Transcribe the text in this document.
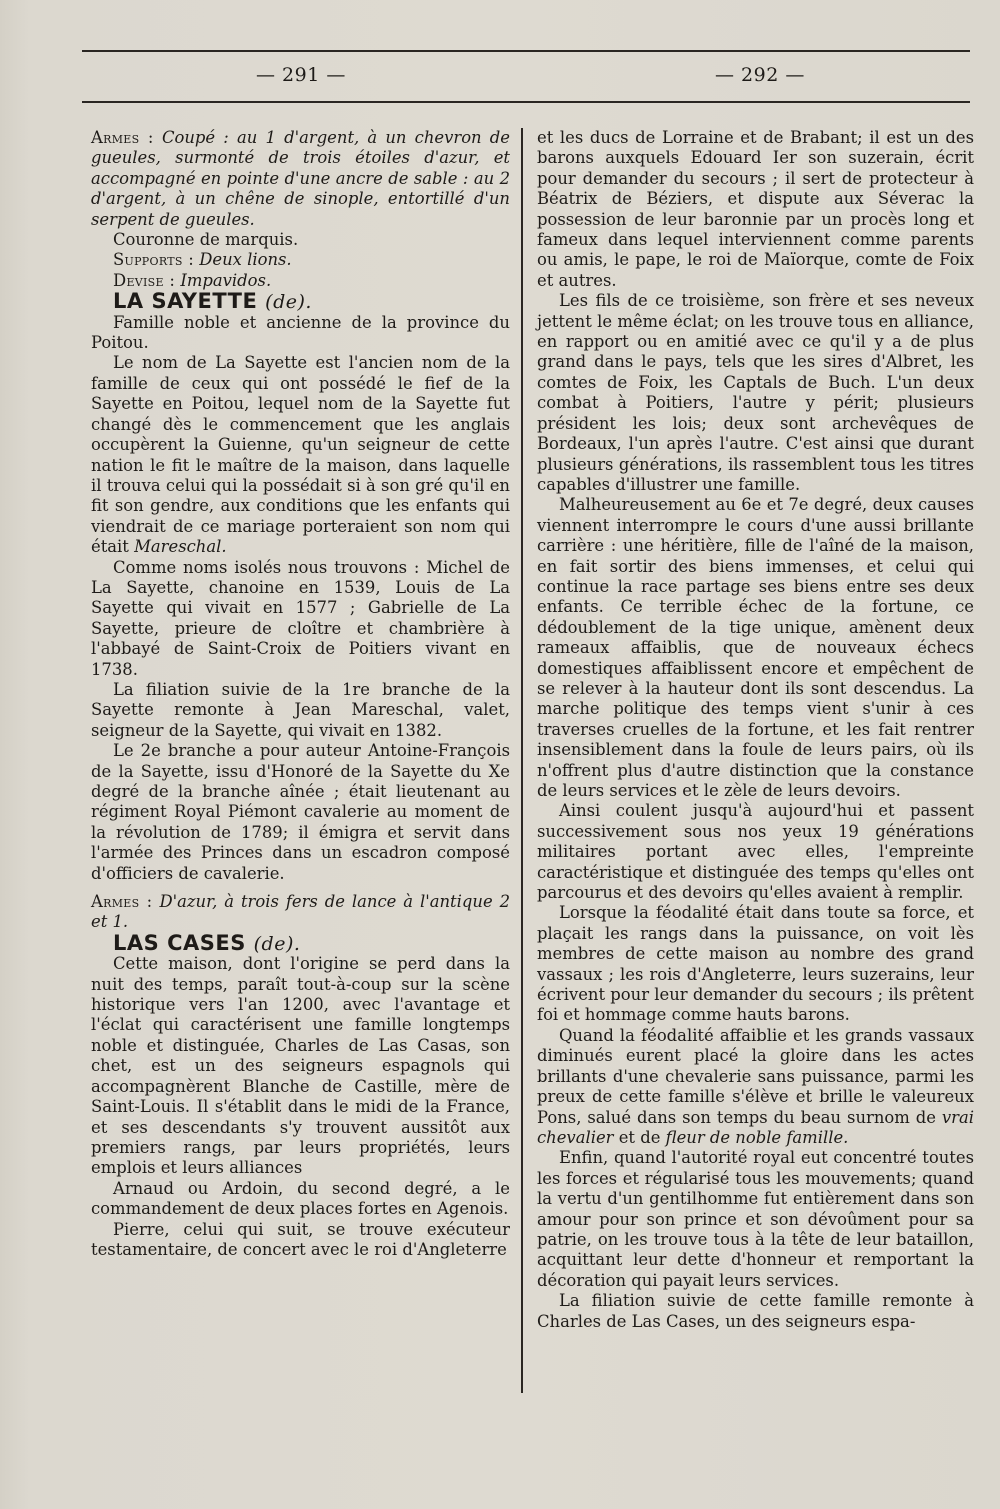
— 291 —	— 292 —

Armes : Coupé : au 1 d'argent, à un chevron de gueules, surmonté de trois étoiles d'azur, et accompagné en pointe d'une ancre de sable : au 2 d'argent, à un chêne de sinople, entortillé d'un serpent de gueules.

Couronne de marquis.

Supports : Deux lions.

Devise : Impavidos.

LA SAYETTE (de).

Famille noble et ancienne de la province du Poitou.

Le nom de La Sayette est l'ancien nom de la famille de ceux qui ont possédé le fief de la Sayette en Poitou, lequel nom de la Sayette fut changé dès le commencement que les anglais occupèrent la Guienne, qu'un seigneur de cette nation le fit le maître de la maison, dans laquelle il trouva celui qui la possédait si à son gré qu'il en fit son gendre, aux conditions que les enfants qui viendrait de ce mariage porteraient son nom qui était Mareschal.

Comme noms isolés nous trouvons : Michel de La Sayette, chanoine en 1539, Louis de La Sayette qui vivait en 1577 ; Gabrielle de La Sayette, prieure de cloître et chambrière à l'abbayé de Saint-Croix de Poitiers vivant en 1738.

La filiation suivie de la 1re branche de la Sayette remonte à Jean Mareschal, valet, seigneur de la Sayette, qui vivait en 1382.

Le 2e branche a pour auteur Antoine-François de la Sayette, issu d'Honoré de la Sayette du Xe degré de la branche aînée ; était lieutenant au régiment Royal Piémont cavalerie au moment de la révolution de 1789; il émigra et servit dans l'armée des Princes dans un escadron composé d'officiers de cavalerie.

Armes : D'azur, à trois fers de lance à l'antique 2 et 1.

LAS CASES (de).

Cette maison, dont l'origine se perd dans la nuit des temps, paraît tout-à-coup sur la scène historique vers l'an 1200, avec l'avantage et l'éclat qui caractérisent une famille longtemps noble et distinguée, Charles de Las Casas, son chet, est un des seigneurs espagnols qui accompagnèrent Blanche de Castille, mère de Saint-Louis. Il s'établit dans le midi de la France, et ses descendants s'y trouvent aussitôt aux premiers rangs, par leurs propriétés, leurs emplois et leurs alliances

Arnaud ou Ardoin, du second degré, a le commandement de deux places fortes en Agenois.

Pierre, celui qui suit, se trouve exécuteur testamentaire, de concert avec le roi d'Angleterre

et les ducs de Lorraine et de Brabant; il est un des barons auxquels Edouard Ier son suzerain, écrit pour demander du secours ; il sert de protecteur à Béatrix de Béziers, et dispute aux Séverac la possession de leur baronnie par un procès long et fameux dans lequel interviennent comme parents ou amis, le pape, le roi de Maïorque, comte de Foix et autres.

Les fils de ce troisième, son frère et ses neveux jettent le même éclat; on les trouve tous en alliance, en rapport ou en amitié avec ce qu'il y a de plus grand dans le pays, tels que les sires d'Albret, les comtes de Foix, les Captals de Buch. L'un deux combat à Poitiers, l'autre y périt; plusieurs président les lois; deux sont archevêques de Bordeaux, l'un après l'autre. C'est ainsi que durant plusieurs générations, ils rassemblent tous les titres capables d'illustrer une famille.

Malheureusement au 6e et 7e degré, deux causes viennent interrompre le cours d'une aussi brillante carrière : une héritière, fille de l'aîné de la maison, en fait sortir des biens immenses, et celui qui continue la race partage ses biens entre ses deux enfants. Ce terrible échec de la fortune, ce dédoublement de la tige unique, amènent deux rameaux affaiblis, que de nouveaux échecs domestiques affaiblissent encore et empêchent de se relever à la hauteur dont ils sont descendus. La marche politique des temps vient s'unir à ces traverses cruelles de la fortune, et les fait rentrer insensiblement dans la foule de leurs pairs, où ils n'offrent plus d'autre distinction que la constance de leurs services et le zèle de leurs devoirs.

Ainsi coulent jusqu'à aujourd'hui et passent successivement sous nos yeux 19 générations militaires portant avec elles, l'empreinte caractéristique et distinguée des temps qu'elles ont parcourus et des devoirs qu'elles avaient à remplir.

Lorsque la féodalité était dans toute sa force, et plaçait les rangs dans la puissance, on voit lès membres de cette maison au nombre des grand vassaux ; les rois d'Angleterre, leurs suzerains, leur écrivent pour leur demander du secours ; ils prêtent foi et hommage comme hauts barons.

Quand la féodalité affaiblie et les grands vassaux diminués eurent placé la gloire dans les actes brillants d'une chevalerie sans puissance, parmi les preux de cette famille s'élève et brille le valeureux Pons, salué dans son temps du beau surnom de vrai chevalier et de fleur de noble famille.

Enfin, quand l'autorité royal eut concentré toutes les forces et régularisé tous les mouvements; quand la vertu d'un gentilhomme fut entièrement dans son amour pour son prince et son dévoûment pour sa patrie, on les trouve tous à la tête de leur bataillon, acquittant leur dette d'honneur et remportant la décoration qui payait leurs services.

La filiation suivie de cette famille remonte à Charles de Las Cases, un des seigneurs espa-
